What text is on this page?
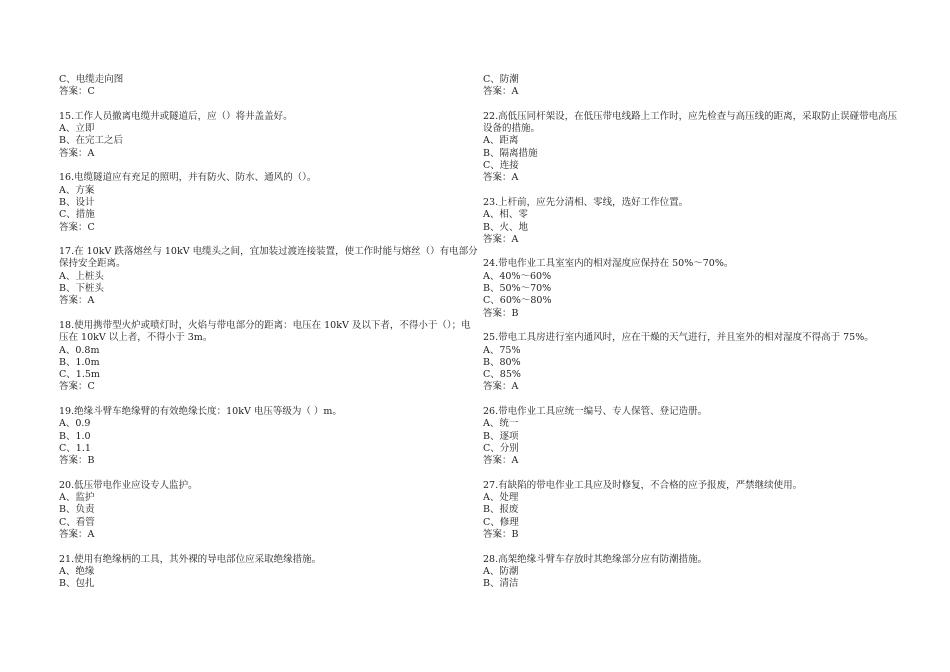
C、电缆走向图
答案：C
15.工作人员撤离电缆井或隧道后，应（）将井盖盖好。
A、立即
B、在完工之后
答案：A
16.电缆隧道应有充足的照明，并有防火、防水、通风的（）。
A、方案
B、设计
C、措施
答案：C
17.在 10kV 跌落熔丝与 10kV 电缆头之间，宜加装过渡连接装置，使工作时能与熔丝（）有电部分保持安全距离。
A、上桩头
B、下桩头
答案：A
18.使用携带型火炉或喷灯时，火焰与带电部分的距离：电压在 10kV 及以下者，不得小于（）；电压在 10kV 以上者，不得小于 3m。
A、0.8m
B、1.0m
C、1.5m
答案：C
19.绝缘斗臂车绝缘臂的有效绝缘长度：10kV 电压等级为（ ）m。
A、0.9
B、1.0
C、1.1
答案：B
20.低压带电作业应设专人监护。
A、监护
B、负责
C、看管
答案：A
21.使用有绝缘柄的工具，其外裸的导电部位应采取绝缘措施。
A、绝缘
B、包扎
C、防潮
答案：A
22.高低压同杆架设，在低压带电线路上工作时，应先检查与高压线的距离，采取防止误碰带电高压设备的措施。
A、距离
B、隔离措施
C、连接
答案：A
23.上杆前，应先分清相、零线，选好工作位置。
A、相、零
B、火、地
答案：A
24.带电作业工具室室内的相对湿度应保持在 50%～70%。
A、40%～60%
B、50%～70%
C、60%～80%
答案：B
25.带电工具房进行室内通风时，应在干燥的天气进行，并且室外的相对湿度不得高于 75%。
A、75%
B、80%
C、85%
答案：A
26.带电作业工具应统一编号、专人保管、登记造册。
A、统一
B、逐项
C、分别
答案：A
27.有缺陷的带电作业工具应及时修复，不合格的应予报废，严禁继续使用。
A、处理
B、报废
C、修理
答案：B
28.高架绝缘斗臂车存放时其绝缘部分应有防潮措施。
A、防潮
B、清洁
